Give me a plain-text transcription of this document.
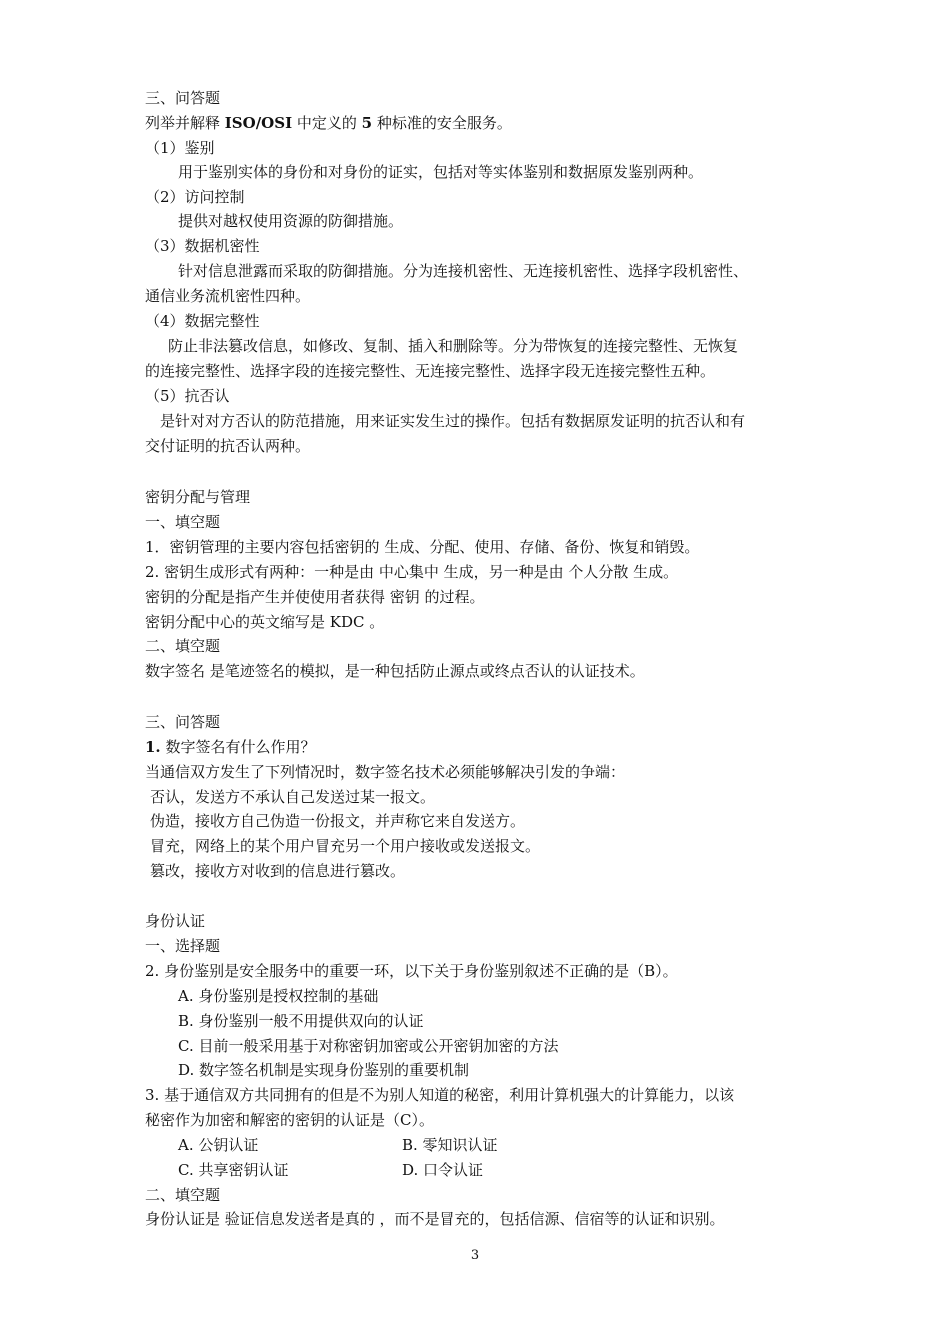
三、问答题
列举并解释 ISO/OSI 中定义的 5 种标准的安全服务。
（1）鉴别
用于鉴别实体的身份和对身份的证实，包括对等实体鉴别和数据原发鉴别两种。
（2）访问控制
提供对越权使用资源的防御措施。
（3）数据机密性
针对信息泄露而采取的防御措施。分为连接机密性、无连接机密性、选择字段机密性、
通信业务流机密性四种。
（4）数据完整性
防止非法篡改信息，如修改、复制、插入和删除等。分为带恢复的连接完整性、无恢复
的连接完整性、选择字段的连接完整性、无连接完整性、选择字段无连接完整性五种。
（5）抗否认
是针对对方否认的防范措施，用来证实发生过的操作。包括有数据原发证明的抗否认和有
交付证明的抗否认两种。
密钥分配与管理
一、填空题
1．密钥管理的主要内容包括密钥的 生成、分配、使用、存储、备份、恢复和销毁。
2. 密钥生成形式有两种：一种是由 中心集中 生成，另一种是由 个人分散 生成。
密钥的分配是指产生并使使用者获得 密钥 的过程。
密钥分配中心的英文缩写是 KDC 。
二、填空题
数字签名 是笔迹签名的模拟，是一种包括防止源点或终点否认的认证技术。
三、问答题
1. 数字签名有什么作用？
当通信双方发生了下列情况时，数字签名技术必须能够解决引发的争端：
否认，发送方不承认自己发送过某一报文。
伪造，接收方自己伪造一份报文，并声称它来自发送方。
冒充，网络上的某个用户冒充另一个用户接收或发送报文。
篡改，接收方对收到的信息进行篡改。
身份认证
一、选择题
2. 身份鉴别是安全服务中的重要一环，以下关于身份鉴别叙述不正确的是（B）。
A. 身份鉴别是授权控制的基础
B. 身份鉴别一般不用提供双向的认证
C. 目前一般采用基于对称密钥加密或公开密钥加密的方法
D. 数字签名机制是实现身份鉴别的重要机制
3. 基于通信双方共同拥有的但是不为别人知道的秘密，利用计算机强大的计算能力，以该
秘密作为加密和解密的密钥的认证是（C）。
A. 公钥认证	B. 零知识认证
C. 共享密钥认证	D. 口令认证
二、填空题
身份认证是 验证信息发送者是真的 ，而不是冒充的，包括信源、信宿等的认证和识别。
3
